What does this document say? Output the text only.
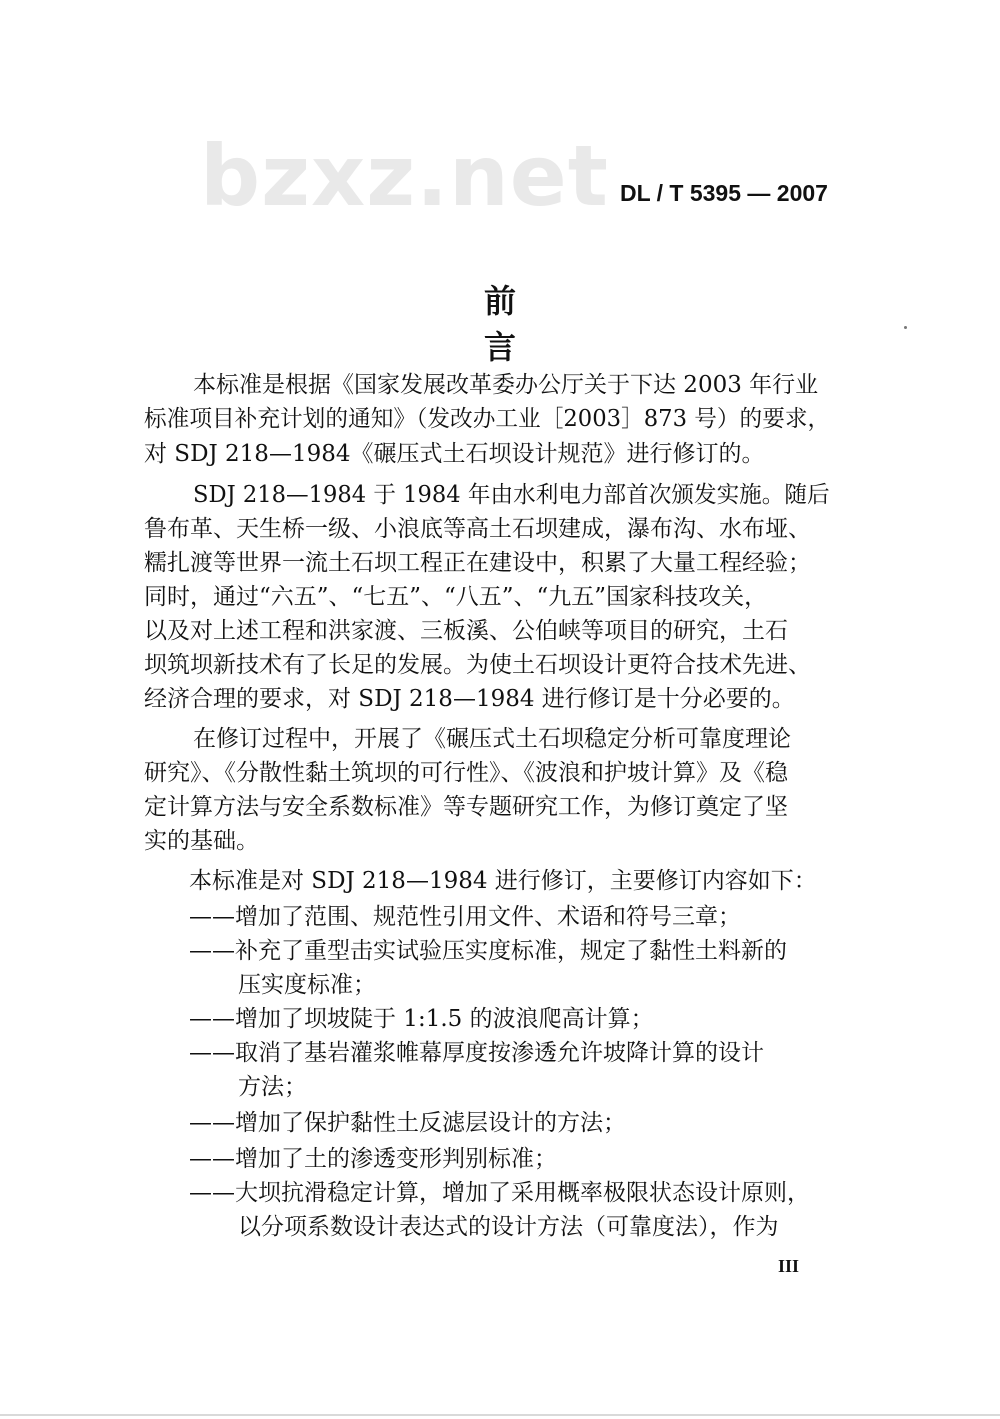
bzxz.net DL / T 5395 — 2007
前言
本标准是根据《国家发展改革委办公厅关于下达 2003 年行业
标准项目补充计划的通知》（发改办工业［2003］873 号）的要求，
对 SDJ 218—1984《碾压式土石坝设计规范》进行修订的。
SDJ 218—1984 于 1984 年由水利电力部首次颁发实施。随后
鲁布革、天生桥一级、小浪底等高土石坝建成，瀑布沟、水布垭、
糯扎渡等世界一流土石坝工程正在建设中，积累了大量工程经验；
同时，通过“六五”、“七五”、“八五”、“九五”国家科技攻关，
以及对上述工程和洪家渡、三板溪、公伯峡等项目的研究，土石
坝筑坝新技术有了长足的发展。为使土石坝设计更符合技术先进、
经济合理的要求，对 SDJ 218—1984 进行修订是十分必要的。
在修订过程中，开展了《碾压式土石坝稳定分析可靠度理论
研究》、《分散性黏土筑坝的可行性》、《波浪和护坡计算》及《稳
定计算方法与安全系数标准》等专题研究工作，为修订奠定了坚
实的基础。
本标准是对 SDJ 218—1984 进行修订，主要修订内容如下：
——增加了范围、规范性引用文件、术语和符号三章；
——补充了重型击实试验压实度标准，规定了黏性土料新的
压实度标准；
——增加了坝坡陡于 1:1.5 的波浪爬高计算；
——取消了基岩灌浆帷幕厚度按渗透允许坡降计算的设计
方法；
——增加了保护黏性土反滤层设计的方法；
——增加了土的渗透变形判别标准；
——大坝抗滑稳定计算，增加了采用概率极限状态设计原则，
以分项系数设计表达式的设计方法（可靠度法），作为
III
